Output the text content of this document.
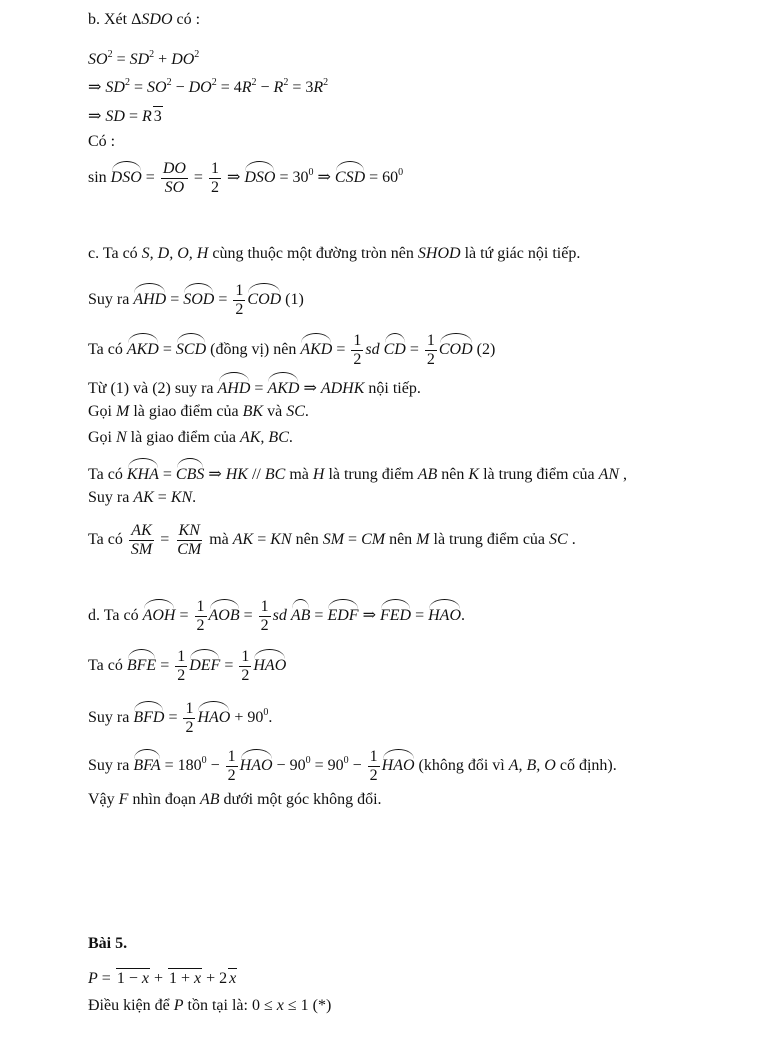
b. Xét ΔSDO có :
$SO^2 = SD^2 + DO^2$
⇒ $SD^2 = SO^2 - DO^2 = 4R^2 - R^2 = 3R^2$
⇒ SD = R 3
Có :
sin DSO = $\frac{DO}{SO} = \frac{1}{2}$ ⇒ DSO = $30^0$ ⇒ CSD = $60^0$
c. Ta có S, D, O, H cùng thuộc một đường tròn nên SHOD là tứ giác nội tiếp.
Suy ra AHD = SOD = $\frac{1}{2}$ COD (1)
Ta có AKD = SCD (đồng vị) nên AKD = $\frac{1}{2}$ sd CD = $\frac{1}{2}$ COD (2)
Từ (1) và (2) suy ra AHD = AKD ⇒ ADHK nội tiếp.
Gọi M là giao điểm của BK và SC.
Gọi N là giao điểm của AK, BC.
Ta có KHA = CBS ⇒ HK // BC mà H là trung điểm AB nên K là trung điểm của AN ,
Suy ra AK = KN.
Ta có $\frac{AK}{SM} = \frac{KN}{CM}$ mà AK = KN nên SM = CM nên M là trung điểm của SC .
d. Ta có AOH = $\frac{1}{2}$ AOB = $\frac{1}{2}$ sd AB = EDF ⇒ FED = HAO.
Ta có BFE = $\frac{1}{2}$ DEF = $\frac{1}{2}$ HAO
Suy ra BFD = $\frac{1}{2}$ HAO + $90^0$.
Suy ra BFA = $180^0 - \frac{1}{2}$ HAO − $90^0 = 90^0 - \frac{1}{2}$ HAO (không đổi vì A, B, O cố định).
Vậy F nhìn đoạn AB dưới một góc không đổi.
Bài 5.
P = 1 − x + 1 + x + 2 x
Điều kiện để P tồn tại là: 0 ≤ x ≤ 1 (*)
